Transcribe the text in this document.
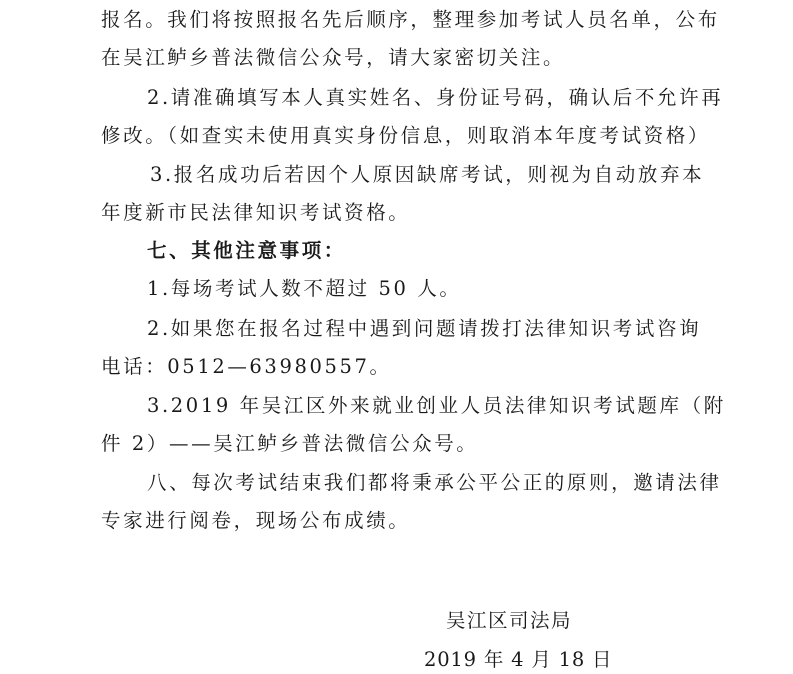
报名。我们将按照报名先后顺序，整理参加考试人员名单，公布
在吴江鲈乡普法微信公众号，请大家密切关注。
2.请准确填写本人真实姓名、身份证号码，确认后不允许再
修改。（如查实未使用真实身份信息，则取消本年度考试资格）
3.报名成功后若因个人原因缺席考试，则视为自动放弃本
年度新市民法律知识考试资格。
七、其他注意事项：
1.每场考试人数不超过 50 人。
2.如果您在报名过程中遇到问题请拨打法律知识考试咨询
电话：0512—63980557。
3.2019 年吴江区外来就业创业人员法律知识考试题库（附
件 2）——吴江鲈乡普法微信公众号。
八、每次考试结束我们都将秉承公平公正的原则，邀请法律
专家进行阅卷，现场公布成绩。
吴江区司法局
2019 年 4 月 18 日
